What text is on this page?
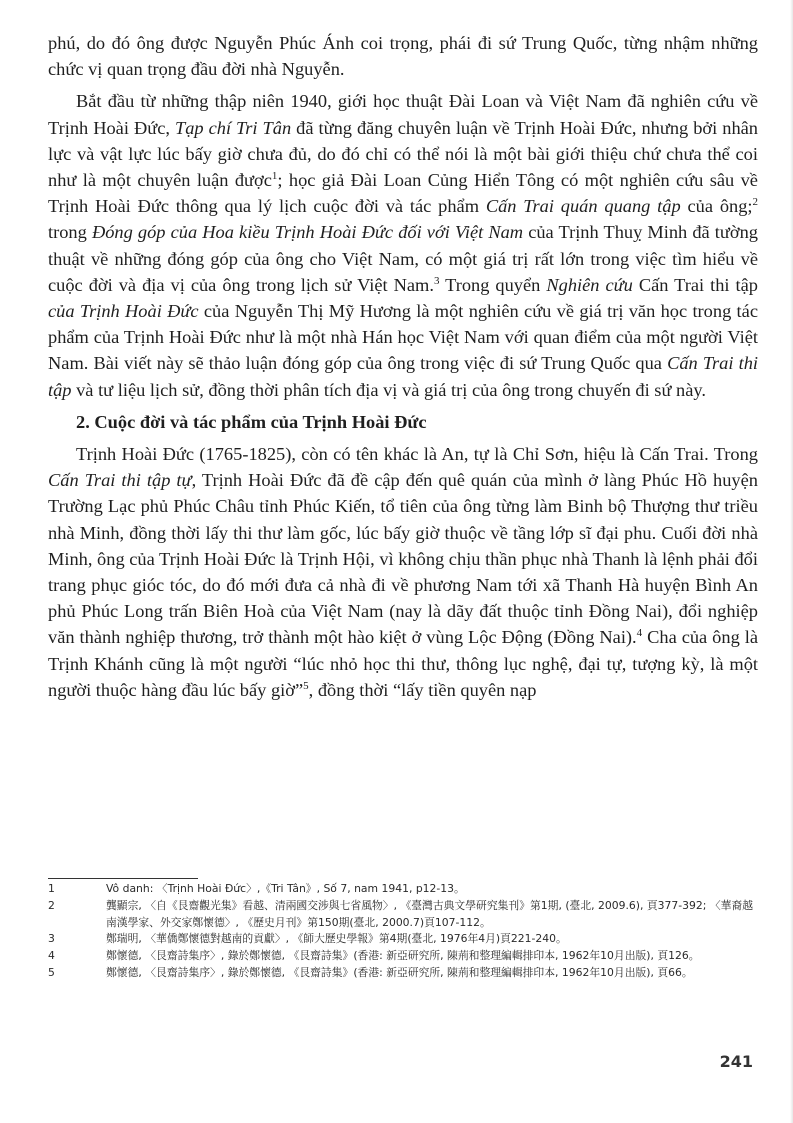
phú, do đó ông được Nguyễn Phúc Ánh coi trọng, phái đi sứ Trung Quốc, từng nhậm những chức vị quan trọng đầu đời nhà Nguyễn.

Bắt đầu từ những thập niên 1940, giới học thuật Đài Loan và Việt Nam đã nghiên cứu về Trịnh Hoài Đức, Tạp chí Tri Tân đã từng đăng chuyên luận về Trịnh Hoài Đức, nhưng bởi nhân lực và vật lực lúc bấy giờ chưa đủ, do đó chỉ có thể nói là một bài giới thiệu chứ chưa thể coi như là một chuyên luận được$^1$; học giả Đài Loan Củng Hiển Tông có một nghiên cứu sâu về Trịnh Hoài Đức thông qua lý lịch cuộc đời và tác phẩm Cấn Trai quán quang tập của ông;$^2$ trong Đóng góp của Hoa kiều Trịnh Hoài Đức đối với Việt Nam của Trịnh Thuỵ Minh đã tường thuật về những đóng góp của ông cho Việt Nam, có một giá trị rất lớn trong việc tìm hiểu về cuộc đời và địa vị của ông trong lịch sử Việt Nam.$^3$ Trong quyển Nghiên cứu Cấn Trai thi tập của Trịnh Hoài Đức của Nguyễn Thị Mỹ Hương là một nghiên cứu về giá trị văn học trong tác phẩm của Trịnh Hoài Đức như là một nhà Hán học Việt Nam với quan điểm của một người Việt Nam. Bài viết này sẽ thảo luận đóng góp của ông trong việc đi sứ Trung Quốc qua Cấn Trai thi tập và tư liệu lịch sử, đồng thời phân tích địa vị và giá trị của ông trong chuyến đi sứ này.

2. Cuộc đời và tác phẩm của Trịnh Hoài Đức

Trịnh Hoài Đức (1765-1825), còn có tên khác là An, tự là Chỉ Sơn, hiệu là Cấn Trai. Trong Cấn Trai thi tập tự, Trịnh Hoài Đức đã đề cập đến quê quán của mình ở làng Phúc Hồ huyện Trường Lạc phủ Phúc Châu tỉnh Phúc Kiến, tổ tiên của ông từng làm Binh bộ Thượng thư triều nhà Minh, đồng thời lấy thi thư làm gốc, lúc bấy giờ thuộc về tầng lớp sĩ đại phu. Cuối đời nhà Minh, ông của Trịnh Hoài Đức là Trịnh Hội, vì không chịu thần phục nhà Thanh là lệnh phải đổi trang phục gióc tóc, do đó mới đưa cả nhà đi về phương Nam tới xã Thanh Hà huyện Bình An phủ Phúc Long trấn Biên Hoà của Việt Nam (nay là dãy đất thuộc tỉnh Đồng Nai), đổi nghiệp văn thành nghiệp thương, trở thành một hào kiệt ở vùng Lộc Động (Đồng Nai).$^4$ Cha của ông là Trịnh Khánh cũng là một người “lúc nhỏ học thi thư, thông lục nghệ, đại tự, tượng kỳ, là một người thuộc hàng đầu lúc bấy giờ”$^5$, đồng thời “lấy tiền quyên nạp

1	Vô danh: 〈Trịnh Hoài Đức〉,《Tri Tân》, Số 7, nam 1941, p12-13。
2	龔顯宗, 〈自《艮齋觀光集》看越、清兩國交涉與七省風物〉, 《臺灣古典文學研究集刊》第1期, (臺北, 2009.6), 頁377-392; 〈華裔越南漢學家、外交家鄭懷德〉, 《歷史月刊》第150期(臺北, 2000.7)頁107-112。
3	鄭瑞明, 〈華僑鄭懷德對越南的貢獻〉, 《師大歷史學報》第4期(臺北, 1976年4月)頁221-240。
4	鄭懷德, 〈艮齋詩集序〉, 錄於鄭懷德, 《艮齋詩集》(香港: 新亞研究所, 陳荊和整理編輯排印本, 1962年10月出版), 頁126。
5	鄭懷德, 〈艮齋詩集序〉, 錄於鄭懷德, 《艮齋詩集》(香港: 新亞研究所, 陳荊和整理編輯排印本, 1962年10月出版), 頁66。
241
